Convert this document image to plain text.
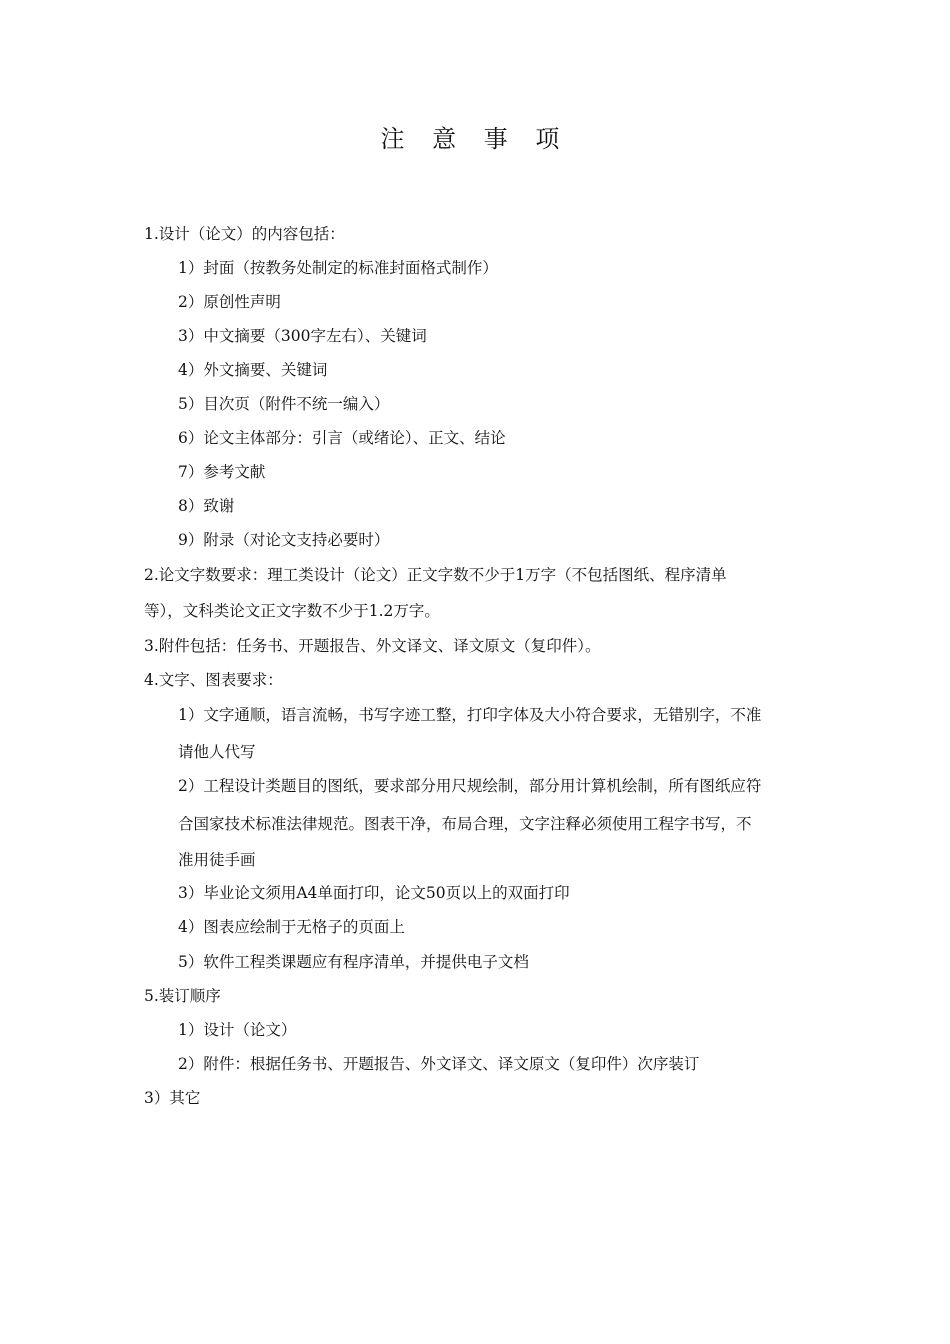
注 意 事 项
1.设计（论文）的内容包括：
1）封面（按教务处制定的标准封面格式制作）
2）原创性声明
3）中文摘要（300字左右）、关键词
4）外文摘要、关键词
5）目次页（附件不统一编入）
6）论文主体部分：引言（或绪论）、正文、结论
7）参考文献
8）致谢
9）附录（对论文支持必要时）
2.论文字数要求：理工类设计（论文）正文字数不少于1万字（不包括图纸、程序清单
等），文科类论文正文字数不少于1.2万字。
3.附件包括：任务书、开题报告、外文译文、译文原文（复印件）。
4.文字、图表要求：
1）文字通顺，语言流畅，书写字迹工整，打印字体及大小符合要求，无错别字，不准
请他人代写
2）工程设计类题目的图纸，要求部分用尺规绘制，部分用计算机绘制，所有图纸应符
合国家技术标准法律规范。图表干净，布局合理，文字注释必须使用工程字书写，不
准用徒手画
3）毕业论文须用A4单面打印，论文50页以上的双面打印
4）图表应绘制于无格子的页面上
5）软件工程类课题应有程序清单，并提供电子文档
5.装订顺序
1）设计（论文）
2）附件：根据任务书、开题报告、外文译文、译文原文（复印件）次序装订
3）其它
